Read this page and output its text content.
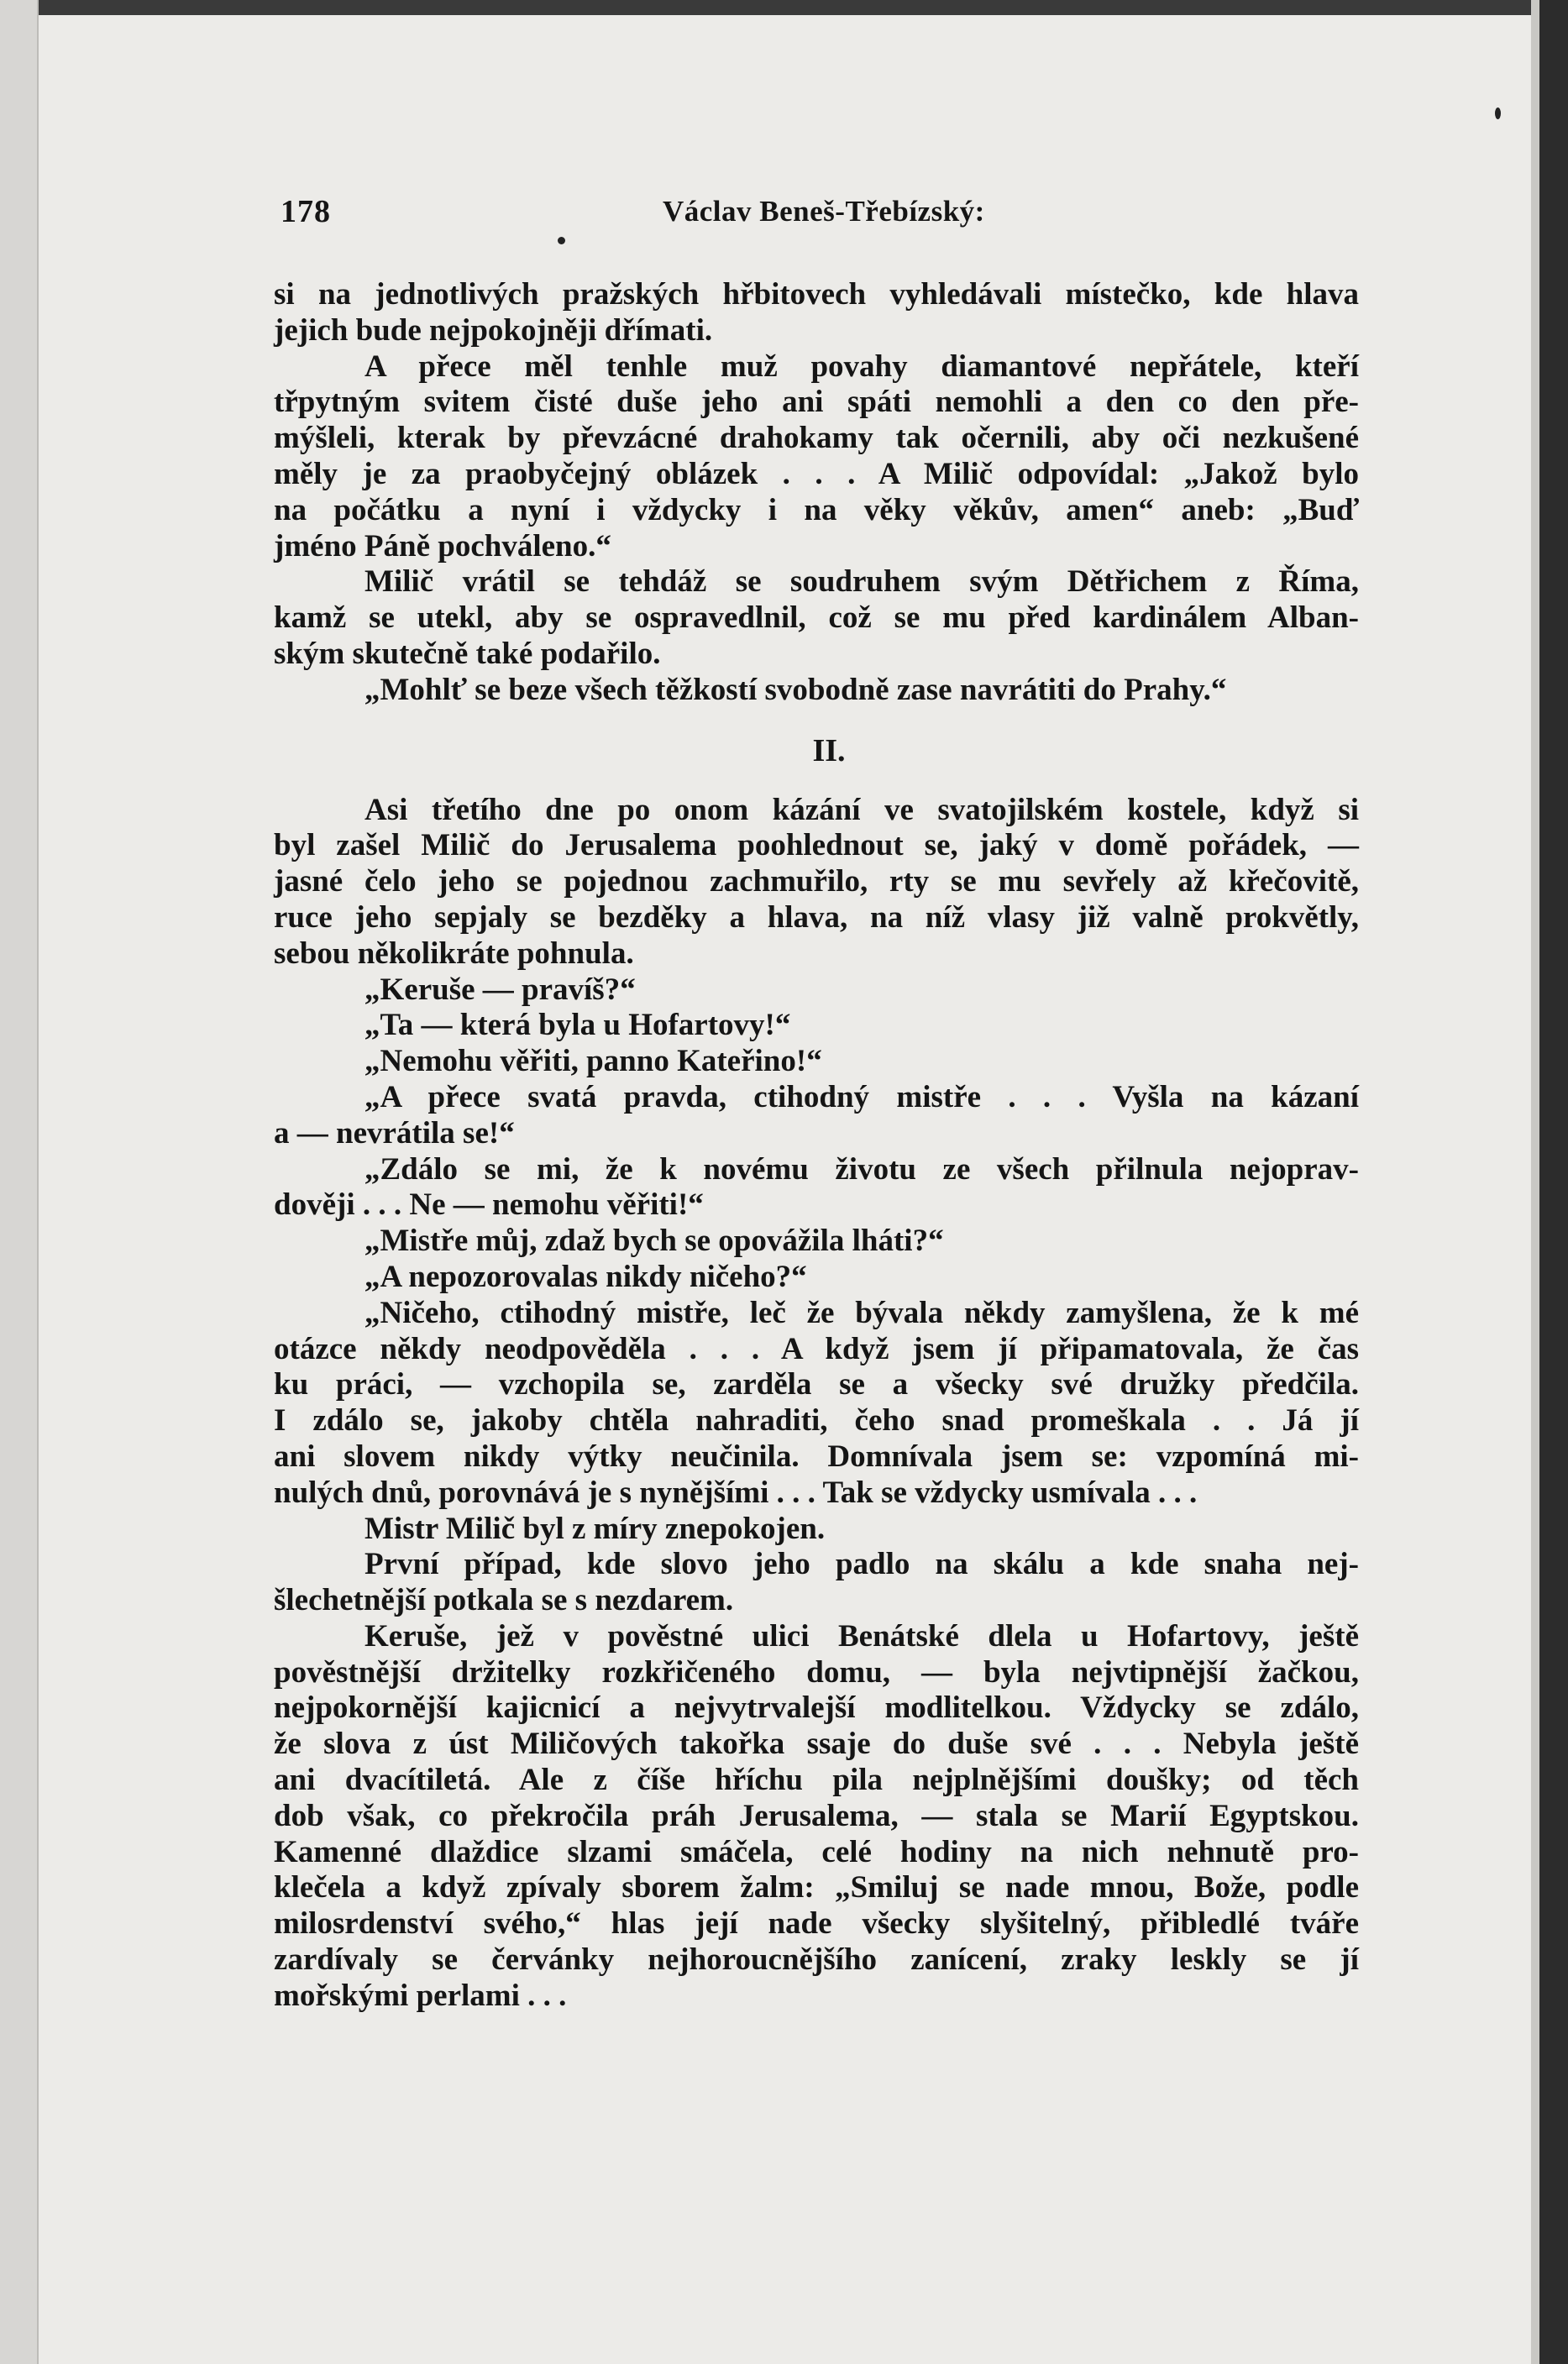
178	Václav Beneš-Třebízský:
si na jednotlivých pražských hřbitovech vyhledávali místečko, kde hlava
jejich bude nejpokojněji dřímati.
A přece měl tenhle muž povahy diamantové nepřátele, kteří
třpytným svitem čisté duše jeho ani spáti nemohli a den co den pře-
mýšleli, kterak by převzácné drahokamy tak očernili, aby oči nezkušené
měly je za praobyčejný oblázek . . . A Milič odpovídal: „Jakož bylo
na počátku a nyní i vždycky i na věky věkův, amen“ aneb: „Buď
jméno Páně pochváleno.“
Milič vrátil se tehdáž se soudruhem svým Dětřichem z Říma,
kamž se utekl, aby se ospravedlnil, což se mu před kardinálem Alban-
ským skutečně také podařilo.
„Mohlť se beze všech těžkostí svobodně zase navrátiti do Prahy.“
II.
Asi třetího dne po onom kázání ve svatojilském kostele, když si
byl zašel Milič do Jerusalema poohlednout se, jaký v domě pořádek, —
jasné čelo jeho se pojednou zachmuřilo, rty se mu sevřely až křečovitě,
ruce jeho sepjaly se bezděky a hlava, na níž vlasy již valně prokvětly,
sebou několikráte pohnula.
„Keruše — pravíš?“
„Ta — která byla u Hofartovy!“
„Nemohu věřiti, panno Kateřino!“
„A přece svatá pravda, ctihodný mistře . . . Vyšla na kázaní
a — nevrátila se!“
„Zdálo se mi, že k novému životu ze všech přilnula nejoprav-
dověji . . . Ne — nemohu věřiti!“
„Mistře můj, zdaž bych se opovážila lháti?“
„A nepozorovalas nikdy ničeho?“
„Ničeho, ctihodný mistře, leč že bývala někdy zamyšlena, že k mé
otázce někdy neodpověděla . . . A když jsem jí připamatovala, že čas
ku práci, — vzchopila se, zarděla se a všecky své družky předčila.
I zdálo se, jakoby chtěla nahraditi, čeho snad promeškala . . Já jí
ani slovem nikdy výtky neučinila. Domnívala jsem se: vzpomíná mi-
nulých dnů, porovnává je s nynějšími . . . Tak se vždycky usmívala . . .
Mistr Milič byl z míry znepokojen.
První případ, kde slovo jeho padlo na skálu a kde snaha nej-
šlechetnější potkala se s nezdarem.
Keruše, jež v pověstné ulici Benátské dlela u Hofartovy, ještě
pověstnější držitelky rozkřičeného domu, — byla nejvtipnější žačkou,
nejpokornější kajicnicí a nejvytrvalejší modlitelkou. Vždycky se zdálo,
že slova z úst Miličových takořka ssaje do duše své . . . Nebyla ještě
ani dvacítiletá. Ale z číše hříchu pila nejplnějšími doušky; od těch
dob však, co překročila práh Jerusalema, — stala se Marií Egyptskou.
Kamenné dlaždice slzami smáčela, celé hodiny na nich nehnutě pro-
klečela a když zpívaly sborem žalm: „Smiluj se nade mnou, Bože, podle
milosrdenství svého,“ hlas její nade všecky slyšitelný, přibledlé tváře
zardívaly se červánky nejhoroucnějšího zanícení, zraky leskly se jí
mořskými perlami . . .
